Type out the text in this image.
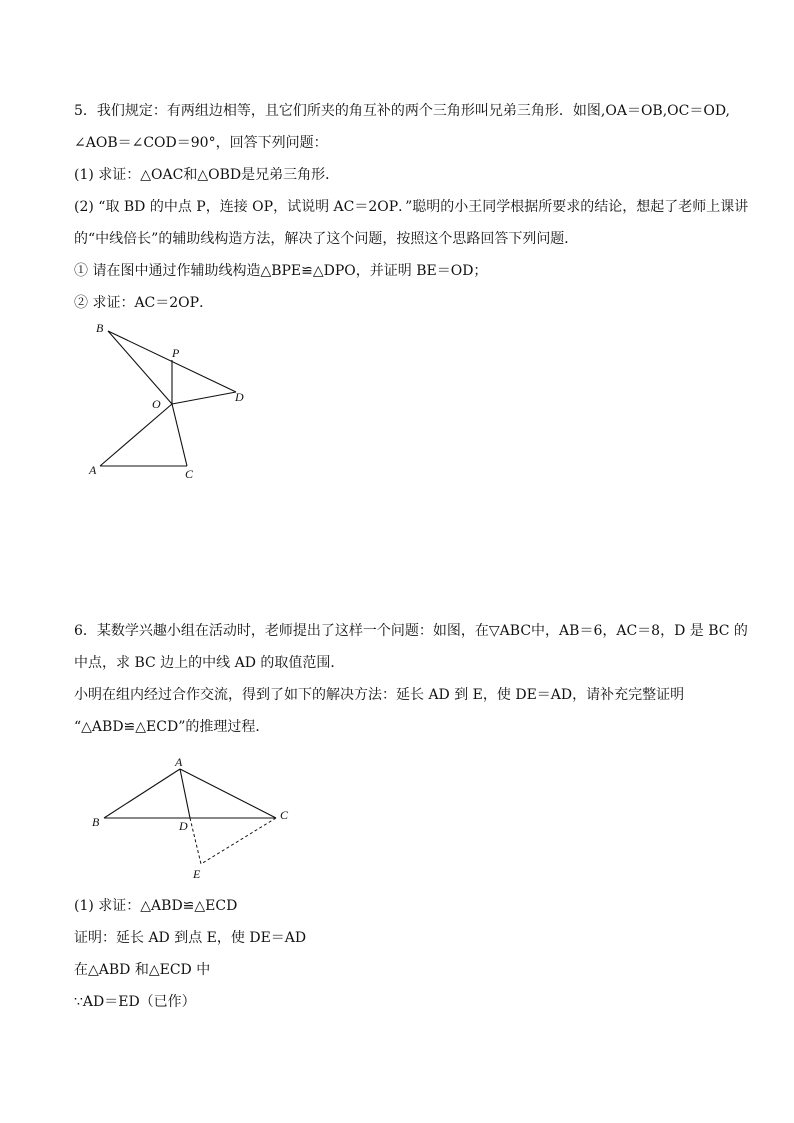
5．我们规定：有两组边相等，且它们所夹的角互补的两个三角形叫兄弟三角形．如图,OA＝OB,OC＝OD,
∠AOB＝∠COD＝90°，回答下列问题：
(1) 求证：△OAC和△OBD是兄弟三角形．
(2) “取 BD 的中点 P，连接 OP，试说明 AC＝2OP．”聪明的小王同学根据所要求的结论，想起了老师上课讲
的“中线倍长”的辅助线构造方法，解决了这个问题，按照这个思路回答下列问题．
① 请在图中通过作辅助线构造△BPE≌△DPO，并证明 BE＝OD；
② 求证：AC＝2OP．
B
P
D
O
A	C
6．某数学兴趣小组在活动时，老师提出了这样一个问题：如图，在▽ABC中，AB＝6，AC＝8，D 是 BC 的
中点，求 BC 边上的中线 AD 的取值范围．
小明在组内经过合作交流，得到了如下的解决方法：延长 AD 到 E，使 DE＝AD，请补充完整证明
“△ABD≌△ECD”的推理过程．
A
B	D
C
E
(1) 求证：△ABD≌△ECD
证明：延长 AD 到点 E，使 DE＝AD
在△ABD 和△ECD 中
∵AD＝ED（已作）
